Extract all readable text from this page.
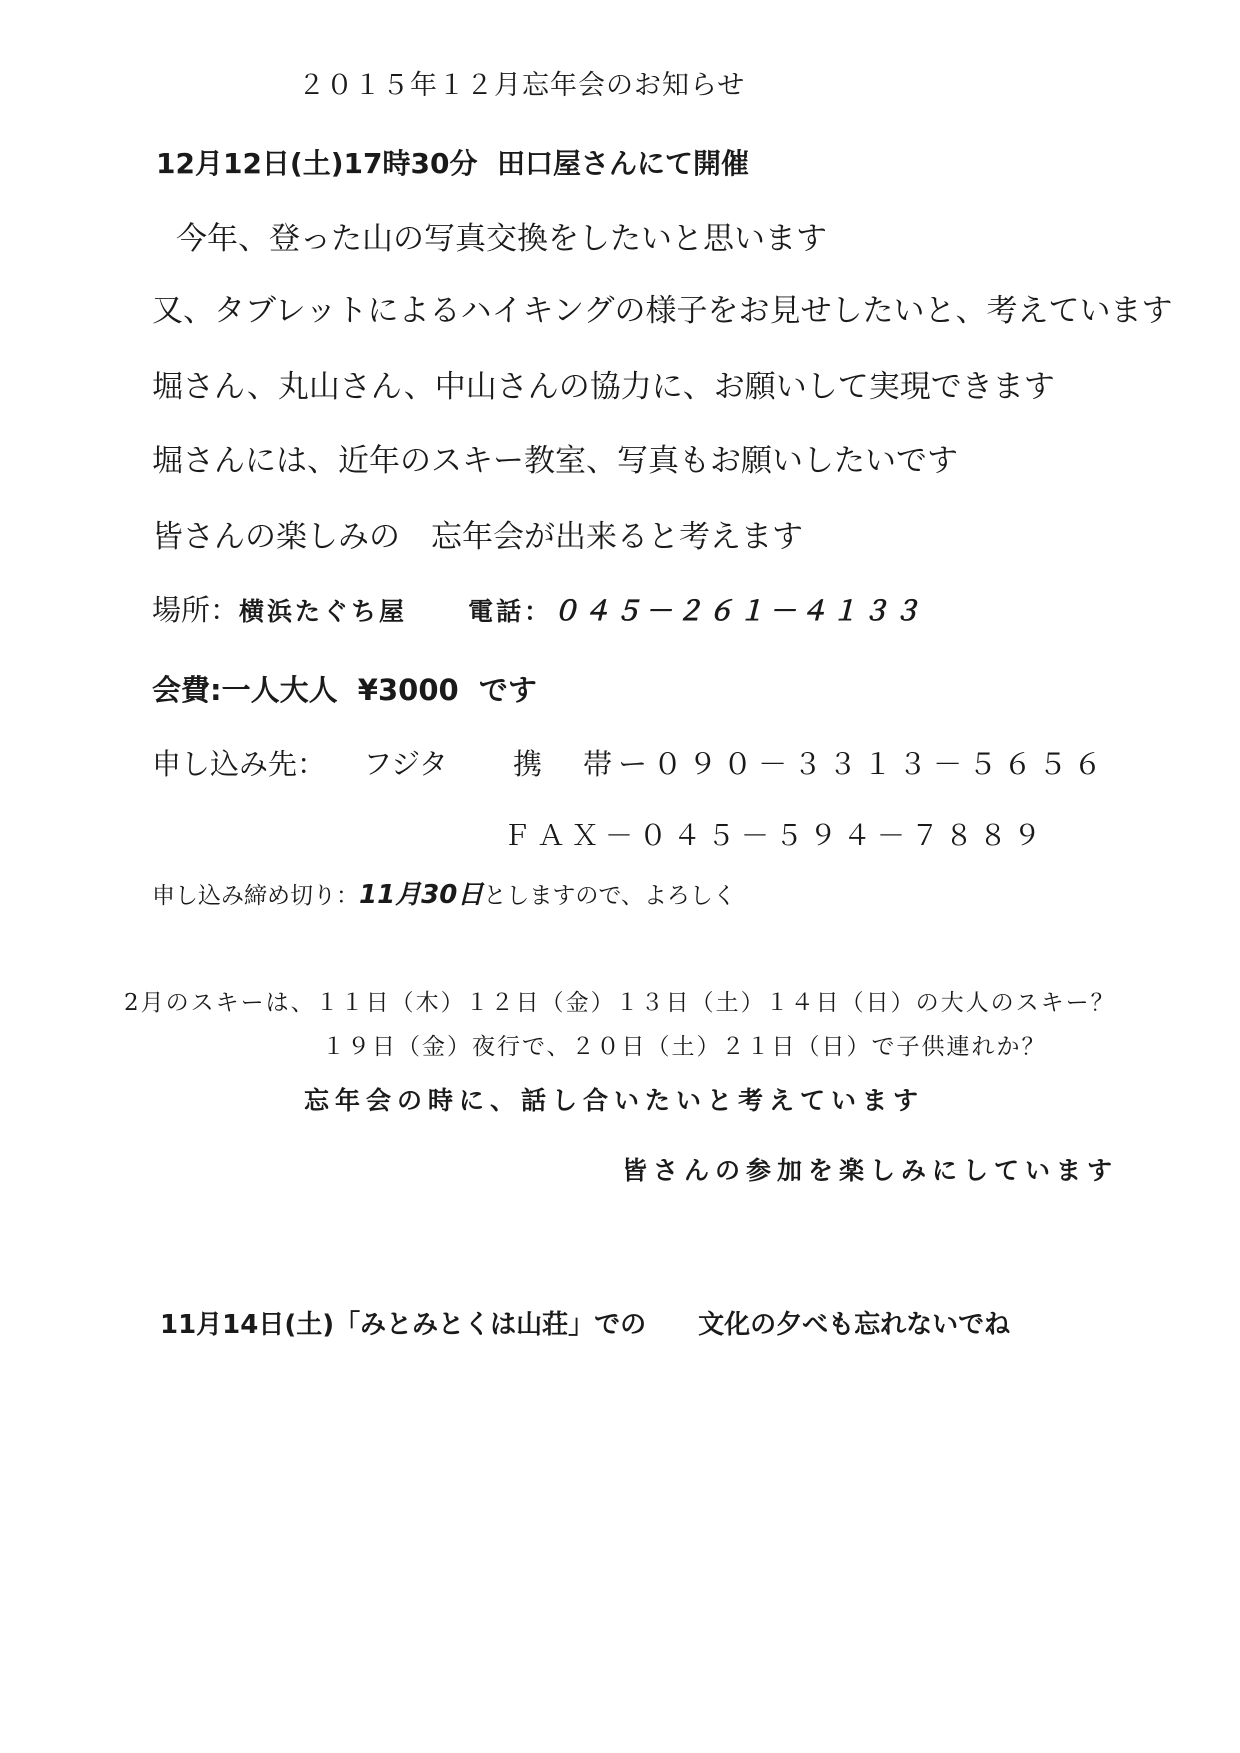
２０１５年１２月忘年会のお知らせ
12月12日(土)17時30分  田口屋さんにて開催
今年、登った山の写真交換をしたいと思います
又、タブレットによるハイキングの様子をお見せしたいと、考えています
堀さん、丸山さん、中山さんの協力に、お願いして実現できます
堀さんには、近年のスキー教室、写真もお願いしたいです
皆さんの楽しみの　忘年会が出来ると考えます
場所：横浜たぐち屋 電話：０４５－２６１－４１３３
会費:一人大人  ¥3000  です
申し込み先： フジタ 携　帯ー０９０－３３１３－５６５６
ＦＡＸ－０４５－５９４－７８８９
申し込み締め切り：11月30日としますので、よろしく
2月のスキーは、１１日（木）１２日（金）１３日（土）１４日（日）の大人のスキー？
１９日（金）夜行で、２０日（土）２１日（日）で子供連れか？
忘年会の時に、話し合いたいと考えています
皆さんの参加を楽しみにしています
11月14日(土)「みとみとくは山荘」での　　文化の夕べも忘れないでね
